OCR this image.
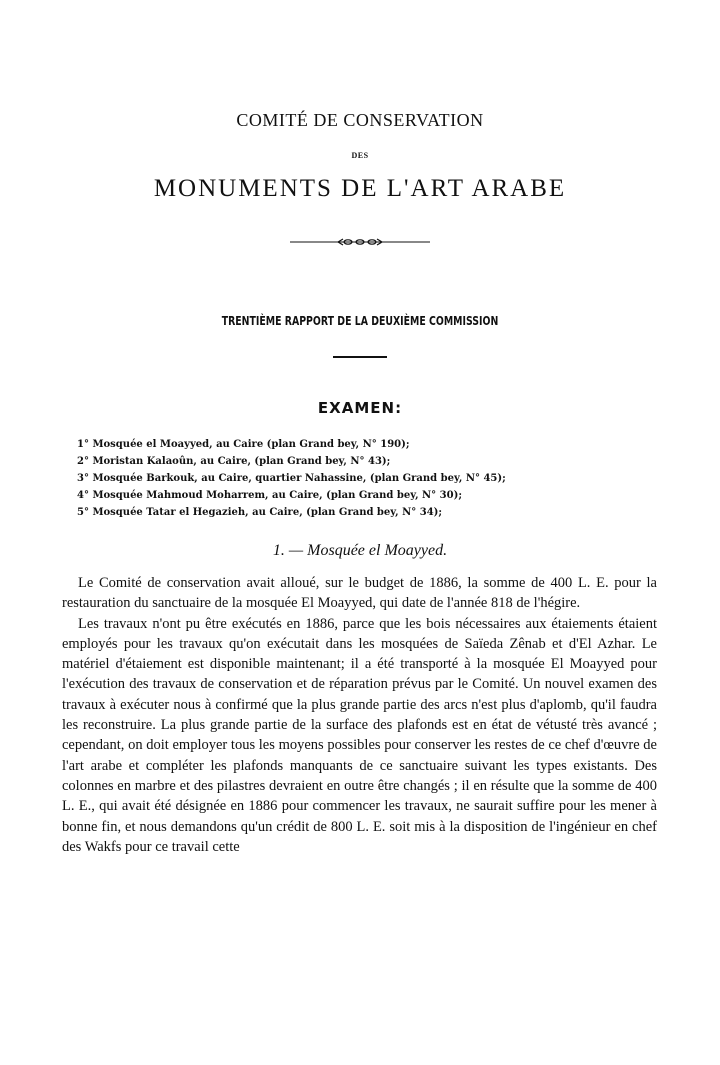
COMITÉ DE CONSERVATION
DES
MONUMENTS DE L'ART ARABE
TRENTIÈME RAPPORT DE LA DEUXIÈME COMMISSION
EXAMEN:
1° Mosquée el Moayyed, au Caire (plan Grand bey, N° 190);
2° Moristan Kalaoûn, au Caire, (plan Grand bey, N° 43);
3° Mosquée Barkouk, au Caire, quartier Nahassine, (plan Grand bey, N° 45);
4° Mosquée Mahmoud Moharrem, au Caire, (plan Grand bey, N° 30);
5° Mosquée Tatar el Hegazieh, au Caire, (plan Grand bey, N° 34);
1. — Mosquée el Moayyed.

Le Comité de conservation avait alloué, sur le budget de 1886, la somme de 400 L. E. pour la restauration du sanctuaire de la mosquée El Moayyed, qui date de l'année 818 de l'hégire.

Les travaux n'ont pu être exécutés en 1886, parce que les bois nécessaires aux étaiements étaient employés pour les travaux qu'on exécutait dans les mosquées de Saïeda Zênab et d'El Azhar. Le matériel d'étaiement est disponible maintenant; il a été transporté à la mosquée El Moayyed pour l'exécution des travaux de conservation et de réparation prévus par le Comité. Un nouvel examen des travaux à exécuter nous à confirmé que la plus grande partie des arcs n'est plus d'aplomb, qu'il faudra les reconstruire. La plus grande partie de la surface des plafonds est en état de vétusté très avancé ; cependant, on doit employer tous les moyens possibles pour conserver les restes de ce chef d'œuvre de l'art arabe et compléter les plafonds manquants de ce sanctuaire suivant les types existants. Des colonnes en marbre et des pilastres devraient en outre être changés ; il en résulte que la somme de 400 L. E., qui avait été désignée en 1886 pour commencer les travaux, ne saurait suffire pour les mener à bonne fin, et nous demandons qu'un crédit de 800 L. E. soit mis à la disposition de l'ingénieur en chef des Wakfs pour ce travail cette
